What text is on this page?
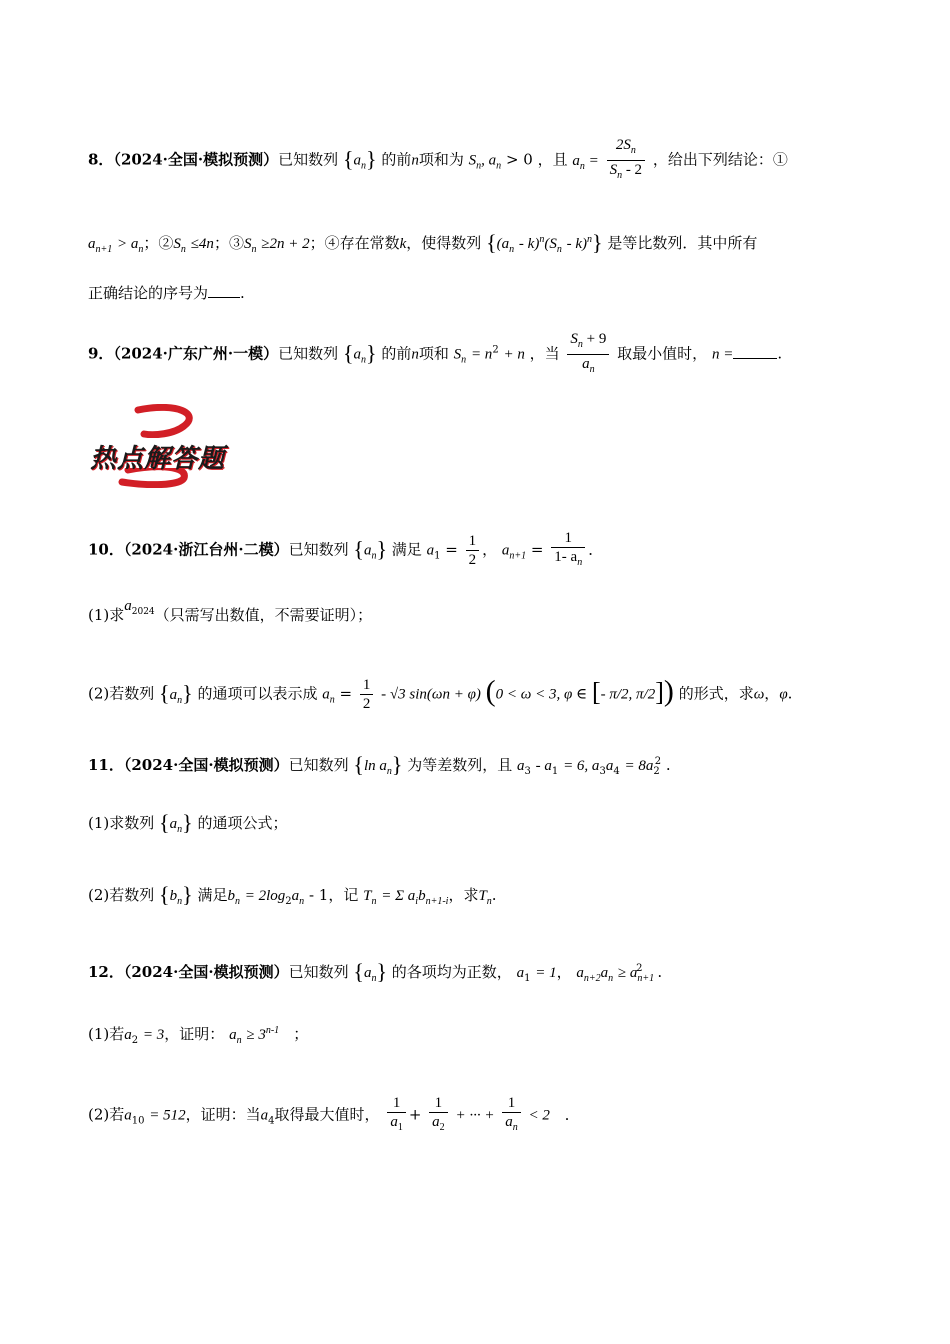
8．（2024·全国·模拟预测）已知数列 $\{a_n\}$ 的前n项和为 $S_n$, $a_n > 0$ ，且 $a_n = \frac{2S_n}{S_n - 2}$ ，给出下列结论：①
$a_{n+1} > a_n$；$②S_n \le 4n$；$③S_n \ge 2n + 2$；④存在常数k，使得数列 $\{(a_n - k)^n(S_n - k)^n\}$ 是等比数列．其中所有
正确结论的序号为 .
9．（2024·广东广州·一模）已知数列 $\{a_n\}$ 的前n项和 $S_n = n^2 + n$ ，当 $\frac{S_n + 9}{a_n}$ 取最小值时， n =	.
热点解答题
10．（2024·浙江台州·二模）已知数列 $\{a_n\}$ 满足 $a_1 = \frac{1}{2}$ ， $a_{n+1} = \frac{1}{1- a_n}$ ．
(1)求$a_{2024}$（只需写出数值，不需要证明）；
(2)若数列 $\{a_n\}$ 的通项可以表示成 $a_n = \frac{1}{2} - √3$ sin(ωn + φ) (0 < ω < 3, φ ∈ [- π/2, π/2]) 的形式，求ω，φ.
11．（2024·全国·模拟预测）已知数列 {ln $a_n$} 为等差数列，且 $a_3 - a_1 = 6$, $a_3a_4 = 8a_2^2$ .
(1)求数列 $\{a_n\}$ 的通项公式；
(2)若数列 $\{b_n\}$ 满足$b_n = 2\log_2a_n - 1$，记 $T_n = \Sigma$ $a_ib_{n+1-i}$，求$T_n$.
12．（2024·全国·模拟预测）已知数列 $\{a_n\}$ 的各项均为正数， $a_1 = 1$， $a_{n+2}a_n \ge a_{n+1}^2$ .
(1)若$a_2 = 3$，证明： $a_n \ge 3^{n-1}$ ；
(2)若$a_{10} = 512$，证明：当$a_4$取得最大值时， $\frac{1}{a_1} + \frac{1}{a_2}$ + ··· + $\frac{1}{a_n} < 2$ .
